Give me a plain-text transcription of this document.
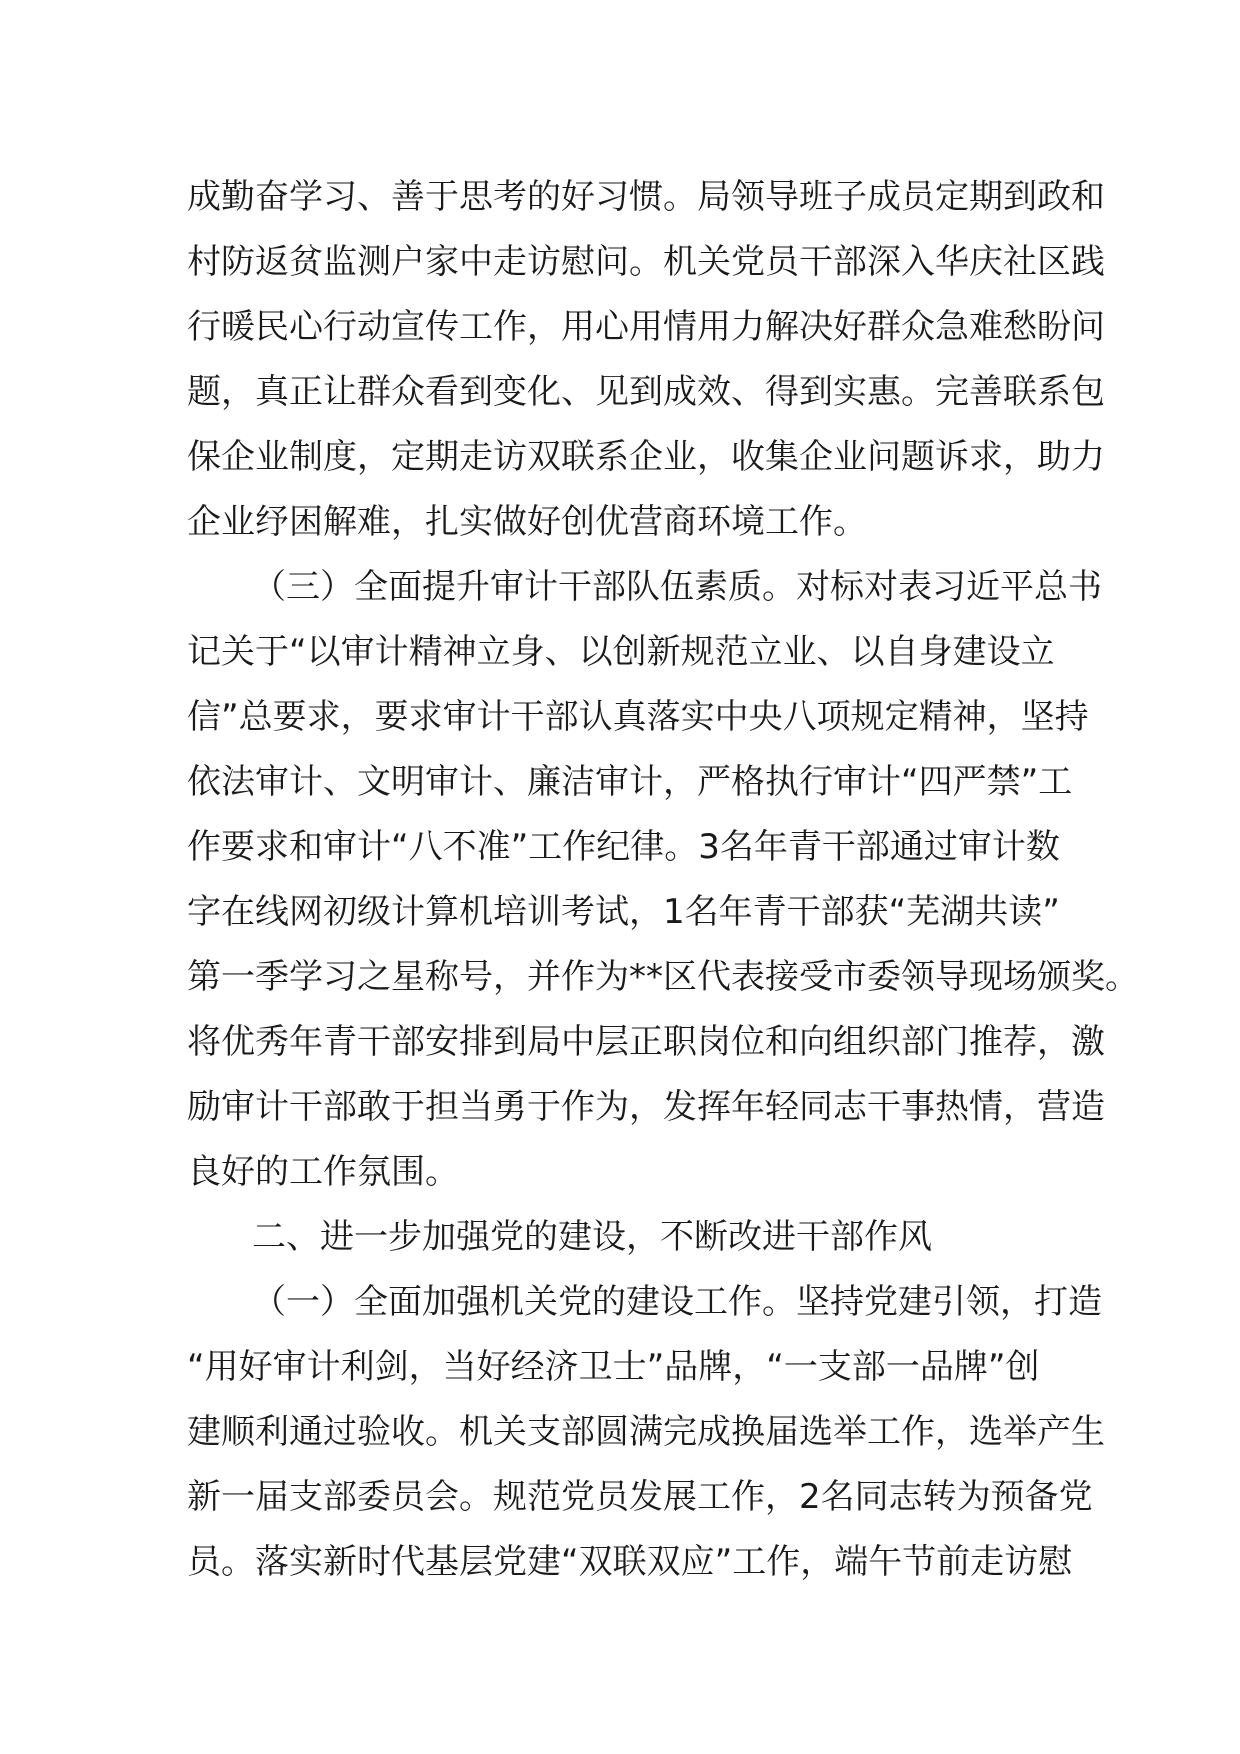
成勤奋学习、善于思考的好习惯。局领导班子成员定期到政和
村防返贫监测户家中走访慰问。机关党员干部深入华庆社区践
行暖民心行动宣传工作，用心用情用力解决好群众急难愁盼问
题，真正让群众看到变化、见到成效、得到实惠。完善联系包
保企业制度，定期走访双联系企业，收集企业问题诉求，助力
企业纾困解难，扎实做好创优营商环境工作。
（三）全面提升审计干部队伍素质。对标对表习近平总书
记关于“以审计精神立身、以创新规范立业、以自身建设立
信”总要求，要求审计干部认真落实中央八项规定精神，坚持
依法审计、文明审计、廉洁审计，严格执行审计“四严禁”工
作要求和审计“八不准”工作纪律。3名年青干部通过审计数
字在线网初级计算机培训考试，1名年青干部获“芜湖共读”
第一季学习之星称号，并作为**区代表接受市委领导现场颁奖。
将优秀年青干部安排到局中层正职岗位和向组织部门推荐，激
励审计干部敢于担当勇于作为，发挥年轻同志干事热情，营造
良好的工作氛围。
二、进一步加强党的建设，不断改进干部作风
（一）全面加强机关党的建设工作。坚持党建引领，打造
“用好审计利剑，当好经济卫士”品牌，“一支部一品牌”创
建顺利通过验收。机关支部圆满完成换届选举工作，选举产生
新一届支部委员会。规范党员发展工作，2名同志转为预备党
员。落实新时代基层党建“双联双应”工作，端午节前走访慰
